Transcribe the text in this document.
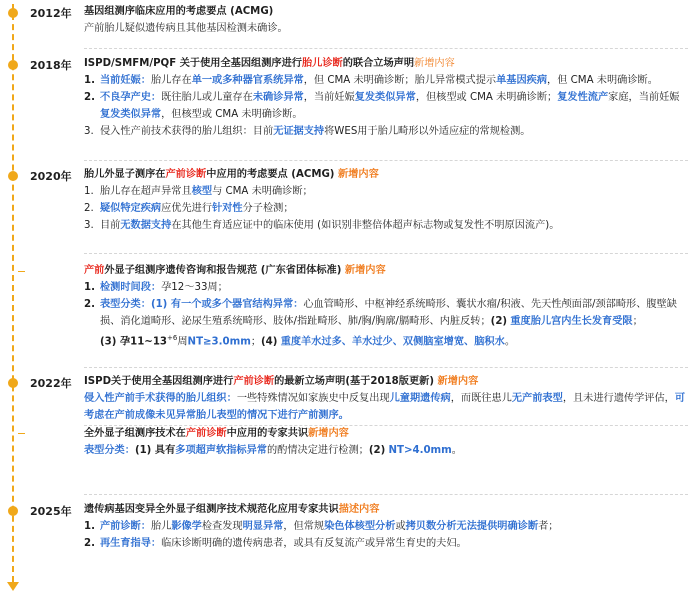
2012年
2018年
2020年
2022年
2025年
基因组测序临床应用的考虑要点 (ACMG)
产前胎儿疑似遗传病且其他基因检测未确诊。
ISPD/SMFM/PQF 关于使用全基因组测序进行胎儿诊断的联合立场声明新增内容
1. 当前妊娠：胎儿存在单一或多种器官系统异常，但 CMA 未明确诊断；胎儿异常模式提示单基因疾病，但 CMA 未明确诊断。
2. 不良孕产史：既往胎儿或儿童存在未确诊异常，当前妊娠复发类似异常，但核型或 CMA 未明确诊断；复发性流产家庭，当前妊娠复发类似异常，但核型或 CMA 未明确诊断。
3. 侵入性产前技术获得的胎儿组织：目前无证据支持将WES用于胎儿畸形以外适应症的常规检测。
胎儿外显子测序在产前诊断中应用的考虑要点 (ACMG) 新增内容
1. 胎儿存在超声异常且核型与 CMA 未明确诊断；
2. 疑似特定疾病应优先进行针对性分子检测；
3. 目前无数据支持在其他生育适应证中的临床使用 (如识别非整倍体超声标志物或复发性不明原因流产)。
产前外显子组测序遗传咨询和报告规范 (广东省团体标准) 新增内容
1. 检测时间段：孕12～33周；
2. 表型分类：(1) 有一个或多个器官结构异常：心血管畸形、中枢神经系统畸形、囊状水瘤/积液、先天性颅面部/颈部畸形、腹壁缺损、消化道畸形、泌尿生殖系统畸形、肢体/指趾畸形、肺/胸/胸廓/膈畸形、内脏反转；(2) 重度胎儿宫内生长发育受限；
(3) 孕$11\sim 13^{+6}$周NT≥3.0mm；(4) 重度羊水过多、羊水过少、双侧脑室增宽、脑积水。
ISPD关于使用全基因组测序进行产前诊断的最新立场声明(基于2018版更新) 新增内容
侵入性产前手术获得的胎儿组织：一些特殊情况如家族史中反复出现儿童期遗传病，而既往患儿无产前表型，且未进行遗传学评估，可考虑在产前成像未见异常胎儿表型的情况下进行产前测序。
全外显子组测序技术在产前诊断中应用的专家共识新增内容
表型分类：(1) 具有多项超声软指标异常的酌情决定进行检测；(2) NT>4.0mm。
遗传病基因变异全外显子组测序技术规范化应用专家共识描述内容
1. 产前诊断：胎儿影像学检查发现明显异常，但常规染色体核型分析或拷贝数分析无法提供明确诊断者；
2. 再生育指导：临床诊断明确的遗传病患者，或具有反复流产或异常生育史的夫妇。
